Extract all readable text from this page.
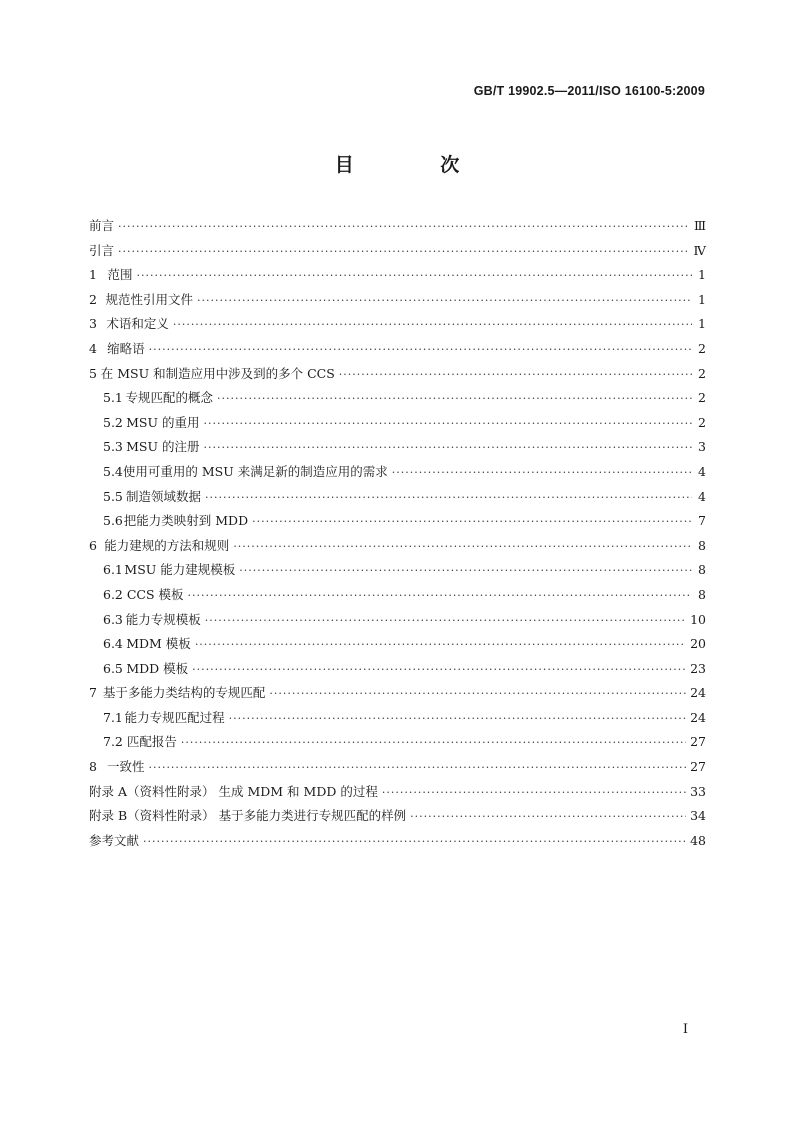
GB/T 19902.5—2011/ISO 16100-5:2009
目 次
前言 ·····	Ⅲ
引言 ·····	Ⅳ
1 范围 ·····	1
2 规范性引用文件 ·····	1
3 术语和定义 ·····	1
4 缩略语 ·····	2
5 在 MSU 和制造应用中涉及到的多个 CCS ·····	2
5.1 专规匹配的概念 ·····	2
5.2 MSU 的重用 ·····	2
5.3 MSU 的注册 ·····	3
5.4 使用可重用的 MSU 来满足新的制造应用的需求 ·····	4
5.5 制造领域数据 ·····	4
5.6 把能力类映射到 MDD ·····	7
6 能力建规的方法和规则 ·····	8
6.1 MSU 能力建规模板 ·····	8
6.2 CCS 模板 ·····	8
6.3 能力专规模板 ·····	10
6.4 MDM 模板 ·····	20
6.5 MDD 模板 ·····	23
7 基于多能力类结构的专规匹配 ·····	24
7.1 能力专规匹配过程 ·····	24
7.2 匹配报告 ·····	27
8 一致性 ·····	27
附录 A（资料性附录） 生成 MDM 和 MDD 的过程 ·····	33
附录 B（资料性附录） 基于多能力类进行专规匹配的样例 ·····	34
参考文献 ·····	48
Ⅰ
